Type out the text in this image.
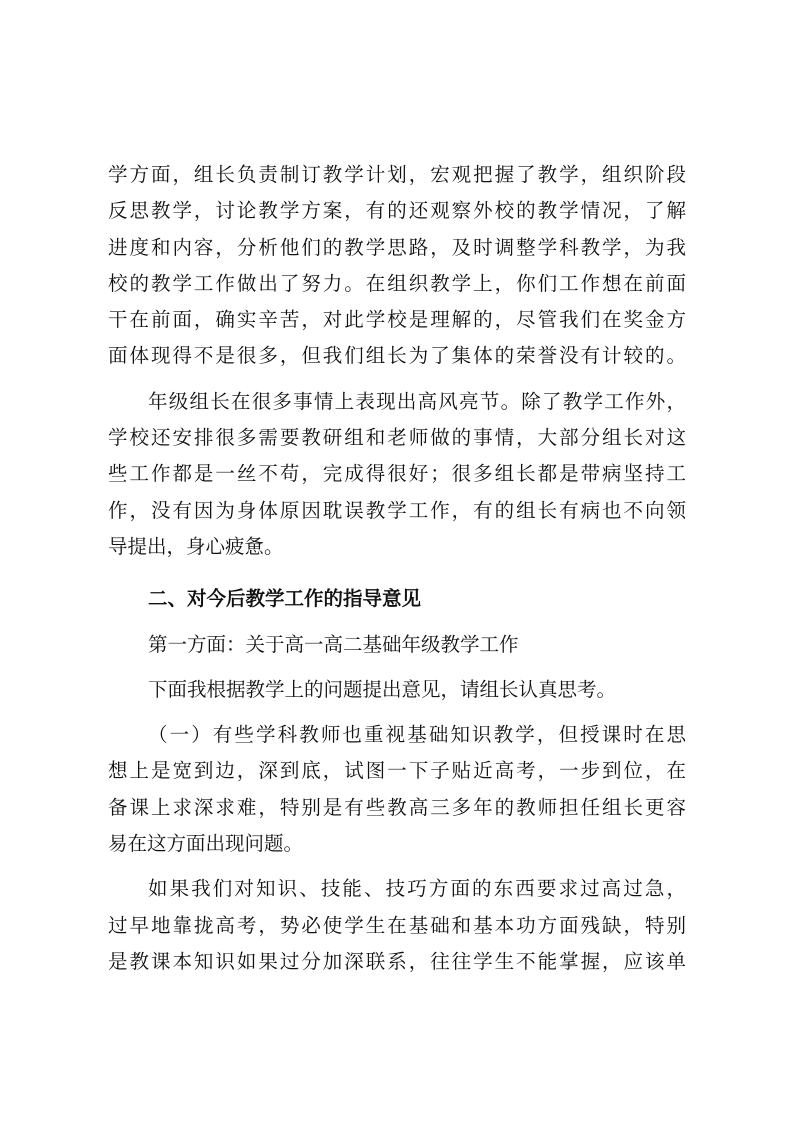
学方面，组长负责制订教学计划，宏观把握了教学，组织阶段
反思教学，讨论教学方案，有的还观察外校的教学情况，了解
进度和内容，分析他们的教学思路，及时调整学科教学，为我
校的教学工作做出了努力。在组织教学上，你们工作想在前面
干在前面，确实辛苦，对此学校是理解的，尽管我们在奖金方
面体现得不是很多，但我们组长为了集体的荣誉没有计较的。
年级组长在很多事情上表现出高风亮节。除了教学工作外，
学校还安排很多需要教研组和老师做的事情，大部分组长对这
些工作都是一丝不苟，完成得很好；很多组长都是带病坚持工
作，没有因为身体原因耽误教学工作，有的组长有病也不向领
导提出，身心疲惫。
二、对今后教学工作的指导意见
第一方面：关于高一高二基础年级教学工作
下面我根据教学上的问题提出意见，请组长认真思考。
（一）有些学科教师也重视基础知识教学，但授课时在思
想上是宽到边，深到底，试图一下子贴近高考，一步到位，在
备课上求深求难，特别是有些教高三多年的教师担任组长更容
易在这方面出现问题。
如果我们对知识、技能、技巧方面的东西要求过高过急，
过早地靠拢高考，势必使学生在基础和基本功方面残缺，特别
是教课本知识如果过分加深联系，往往学生不能掌握，应该单
